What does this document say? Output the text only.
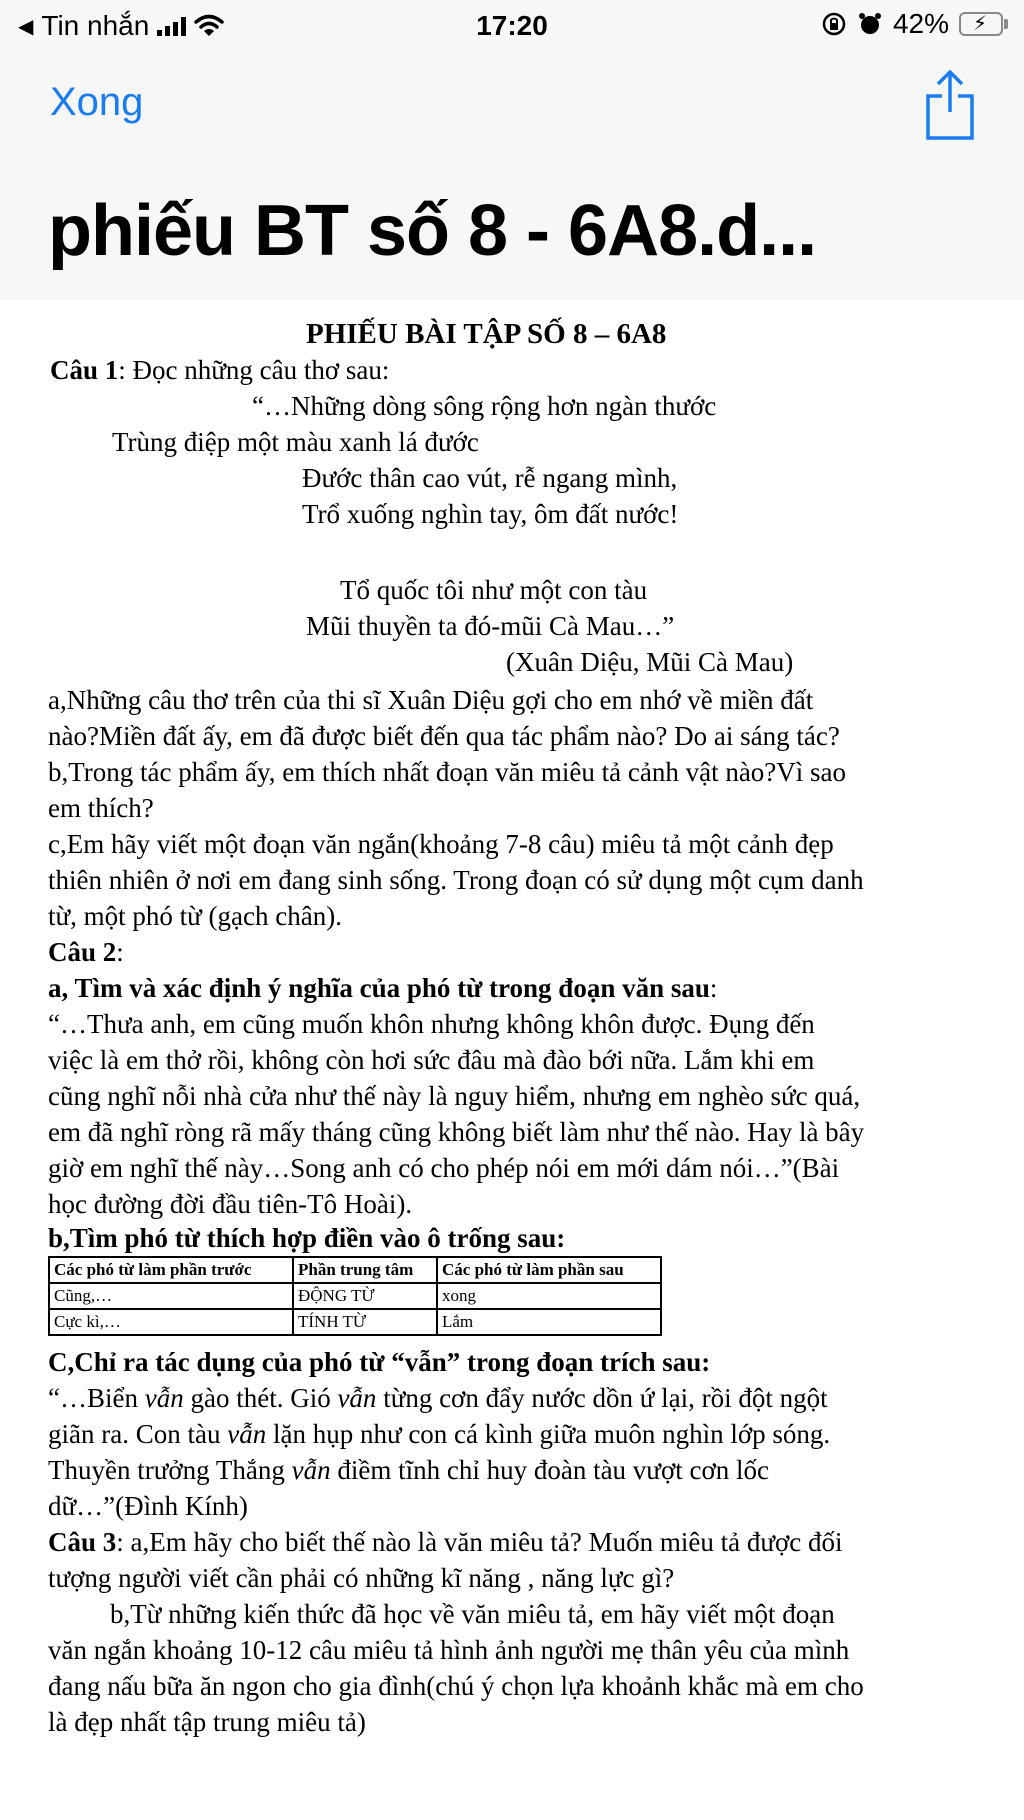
◀ Tin nhắn	17:20	42% ⚡
Xong
phiếu BT số 8 - 6A8.d...
PHIẾU BÀI TẬP SỐ 8 – 6A8
Câu 1: Đọc những câu thơ sau:
“…Những dòng sông rộng hơn ngàn thước
Trùng điệp một màu xanh lá đước
Đước thân cao vút, rễ ngang mình,
Trổ xuống nghìn tay, ôm đất nước!
Tổ quốc tôi như một con tàu
Mũi thuyền ta đó-mũi Cà Mau…”
(Xuân Diệu, Mũi Cà Mau)
a,Những câu thơ trên của thi sĩ Xuân Diệu gợi cho em nhớ về miền đất
nào?Miền đất ấy, em đã được biết đến qua tác phẩm nào? Do ai sáng tác?
b,Trong tác phẩm ấy, em thích nhất đoạn văn miêu tả cảnh vật nào?Vì sao
em thích?
c,Em hãy viết một đoạn văn ngắn(khoảng 7-8 câu) miêu tả một cảnh đẹp
thiên nhiên ở nơi em đang sinh sống. Trong đoạn có sử dụng một cụm danh
từ, một phó từ (gạch chân).
Câu 2:
a, Tìm và xác định ý nghĩa của phó từ trong đoạn văn sau:
“…Thưa anh, em cũng muốn khôn nhưng không khôn được. Đụng đến
việc là em thở rồi, không còn hơi sức đâu mà đào bới nữa. Lắm khi em
cũng nghĩ nỗi nhà cửa như thế này là nguy hiểm, nhưng em nghèo sức quá,
em đã nghĩ ròng rã mấy tháng cũng không biết làm như thế nào. Hay là bây
giờ em nghĩ thế này…Song anh có cho phép nói em mới dám nói…”(Bài
học đường đời đầu tiên-Tô Hoài).
b,Tìm phó từ thích hợp điền vào ô trống sau:
Các phó từ làm phần trước	Phần trung tâm	Các phó từ làm phần sau
Cũng,…	ĐỘNG TỪ	xong
Cực kì,…	TÍNH TỪ	Lắm
C,Chỉ ra tác dụng của phó từ “vẫn” trong đoạn trích sau:
“…Biển vẫn gào thét. Gió vẫn từng cơn đẩy nước dồn ứ lại, rồi đột ngột
giãn ra. Con tàu vẫn lặn hụp như con cá kình giữa muôn nghìn lớp sóng.
Thuyền trưởng Thắng vẫn điềm tĩnh chỉ huy đoàn tàu vượt cơn lốc
dữ…”(Đình Kính)
Câu 3: a,Em hãy cho biết thế nào là văn miêu tả? Muốn miêu tả được đối
tượng người viết cần phải có những kĩ năng , năng lực gì?
b,Từ những kiến thức đã học về văn miêu tả, em hãy viết một đoạn
văn ngắn khoảng 10-12 câu miêu tả hình ảnh người mẹ thân yêu của mình
đang nấu bữa ăn ngon cho gia đình(chú ý chọn lựa khoảnh khắc mà em cho
là đẹp nhất tập trung miêu tả)
